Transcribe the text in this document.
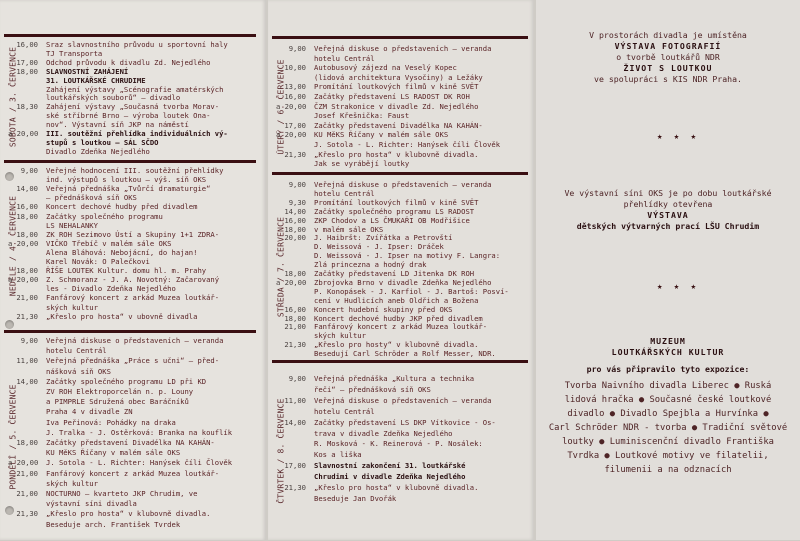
SOBOTA / 3. ČERVENCE
16,00 Sraz slavnostního průvodu u sportovní haly
TJ Transporta
17,00 Odchod průvodu k divadlu Zd. Nejedlého
18,00 SLAVNOSTNÍ ZAHÁJENÍ
31. LOUTKÁŘSKÉ CHRUDIME
Zahájení výstavy „Scénografie amatérských
loutkářských souborů“ — divadlo
18,30 Zahájení výstavy „Současná tvorba Morav-
ské stříbrné Brno — výroba loutek Ona-
nov“. Výstavní síň JKP na náměstí
a 20,00 III. soutěžní přehlídka individuálních vý-
stupů s loutkou — SÁL SČDO
Divadlo Zdeňka Nejedlého
NEDĚLE / 4. ČERVENCE
9,00 Veřejné hodnocení III. soutěžní přehlídky
ind. výstupů s loutkou — výš. síň OKS
14,00 Veřejná přednáška „Tvůrčí dramaturgie“
— přednášková síň OKS
16,00 Koncert dechové hudby před divadlem
18,00 Začátky společného programu
LS NEHALANKY
18,00 ZK ROH Sezimovo Ústí a Skupiny 1+1 ZDRA-
a 20,00 VIČKO Třebíč v malém sále OKS
Alena Bláhová: Nebojácní, do hajan!
Karel Novák: O Palečkovi
18,00 ŘÍŠE LOUTEK Kultur. domu hl. m. Prahy
a 20,00 Z. Schmoranz - J. A. Novotný: Začarovaný
les - Divadlo Zdeňka Nejedlého
21,00 Fanfárový koncert z arkád Muzea loutkář-
ských kultur
21,30 „Křeslo pro hosta“ v ubovně divadla
PONDĚLÍ / 5. ČERVENCE
9,00 Veřejná diskuse o představeních — veranda
hotelu Centrál
11,00 Veřejná přednáška „Práce s učni“ — před-
nášková síň OKS
14,00 Začátky společného programu LD při KD
ZV ROH Elektroporcelán n. p. Louny
a PIMPRLE Sdružená obec Baráčníků
Praha 4 v divadle ZN
Iva Peřinová: Pohádky na draka
J. Tralka - J. Ostěrková: Branka na kouflík
18,00 Začátky představení Divadélka NA KAHÁN-
KU MěKS Říčany v malém sále OKS
a 20,00 J. Sotola - L. Richter: Hanýsek číli Člověk
21,00 Fanfárový koncert z arkád Muzea loutkář-
ských kultur
21,00 NOCTURNO — kvarteto JKP Chrudim, ve
výstavní síni divadla
21,30 „Křeslo pro hosta“ v klubovně divadla.
Beseduje arch. František Tvrdek
ÚTERÝ / 6. ČERVENCE
9,00 Veřejná diskuse o představeních — veranda
hotelu Centrál
10,00 Autobusový zájezd na Veselý Kopec
(lidová architektura Vysočiny) a Ležáky
13,00 Promítání loutkových filmů v kině SVĚT
16,00 Začátky představení LS RADOST DK ROH
a 20,00 ČZM Strakonice v divadle Zd. Nejedlého
Josef Křešnička: Faust
17,00 Začátky představení Divadélka NA KAHÁN-
a 20,00 KU MěKS Říčany v malém sále OKS
J. Sotola - L. Richter: Hanýsek číli Člověk
21,30 „Křeslo pro hosta“ v klubovně divadla.
Jak se vyrábějí loutky
STŘEDA / 7. ČERVENCE
9,00 Veřejná diskuse o představeních — veranda
hotelu Centrál
9,30 Promítání loutkových filmů v kině SVĚT
14,00 Začátky společného programu LS RADOST
16,00 ZKP Chodov a LS ČMUKAŘI OB Modřišice
18,00 v malém sále OKS
20,00 J. Haibršt: Zvířátka a Petrovští
D. Weissová - J. Ipser: Dráček
D. Weissová - J. Ipser na motivy F. Langra:
Zlá princezna a hodný drak
18,00 Začátky představení LD Jitenka DK ROH
a 20,00 Zbrojovka Brno v divadle Zdeňka Nejedlého
P. Konopásek - J. Karfiol - J. Bartoš: Posví-
cení v Hudlicích aneb Oldřich a Božena
16,00 Koncert hudební skupiny před OKS
18,00 Koncert dechové hudby JKP před divadlem
21,00 Fanfárový koncert z arkád Muzea loutkář-
ských kultur
21,30 „Křeslo pro hosty“ v klubovně divadla.
Besedují Carl Schröder a Rolf Messer, NDR.
ČTVRTEK / 8. ČERVENCE
9,00 Veřejná přednáška „Kultura a technika
řeči“ — přednášková síň OKS
11,00 Veřejná diskuse o představeních — veranda
hotelu Centrál
14,00 Začátky představení LS DKP Vítkovice - Os-
trava v divadle Zdeňka Nejedlého
R. Mosková - K. Reinerová - P. Nosálek:
Kos a liška
17,00 Slavnostní zakončení 31. loutkářské
Chrudimi v divadle Zdeňka Nejedlého
21,30 „Křeslo pro hosta“ v klubovně divadla.
Beseduje Jan Dvořák
V prostorách divadla je umístěna
VÝSTAVA FOTOGRAFIÍ
o tvorbě loutkářů NDR
ŽIVOT S LOUTKOU
ve spolupráci s KIS NDR Praha.
★ ★ ★
Ve výstavní síni OKS je po dobu loutkářské
přehlídky otevřena
VÝSTAVA
dětských výtvarných prací LŠU Chrudim
★ ★ ★
MUZEUM
LOUTKÁŘSKÝCH KULTUR
pro vás připravilo tyto expozice:
Tvorba Naivního divadla Liberec ● Ruská
lidová hračka ● Současné české loutkové
divadlo ● Divadlo Spejbla a Hurvínka ●
Carl Schröder NDR - tvorba ● Tradiční světové
loutky ● Luminiscenční divadlo Františka
Tvrdka ● Loutkové motivy ve filatelii,
filumenii a na odznacích
